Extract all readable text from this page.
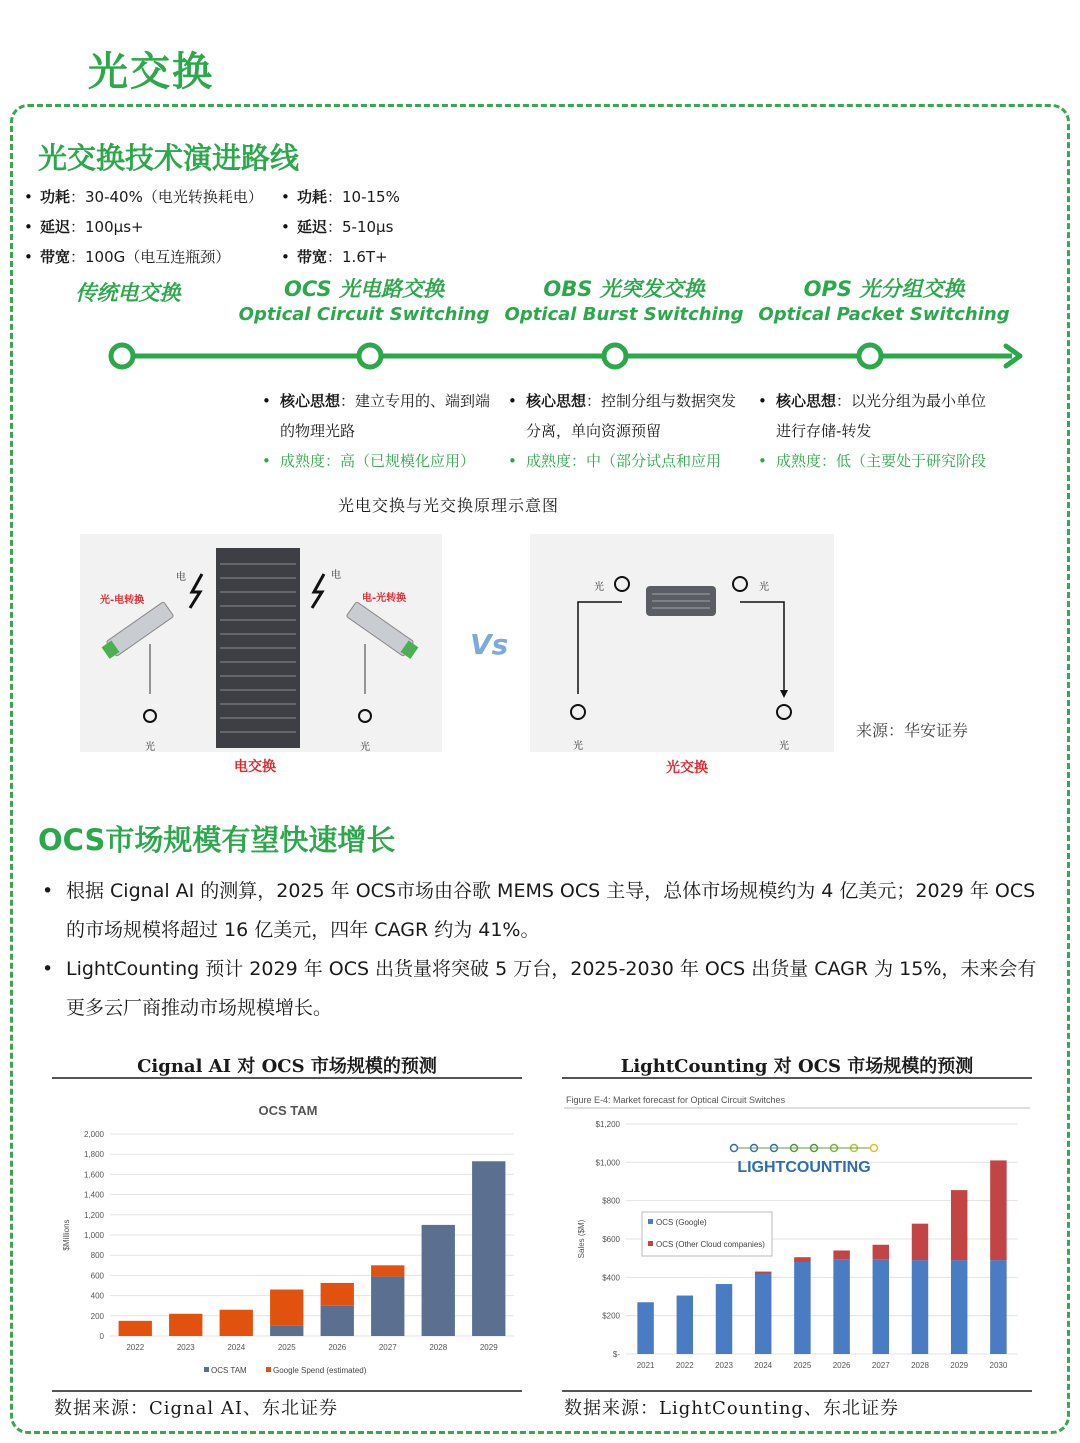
光交换
光交换技术演进路线
• 功耗：30-40%（电光转换耗电）
• 延迟：100μs+
• 带宽：100G（电互连瓶颈）
• 功耗：10-15%
• 延迟：5-10μs
• 带宽：1.6T+
传统电交换	OCS 光电路交换
Optical Circuit Switching
OBS 光突发交换
Optical Burst Switching
OPS 光分组交换
Optical Packet Switching
• 核心思想：建立专用的、端到端的物理光路
• 成熟度：高（已规模化应用）
• 核心思想：控制分组与数据突发分离，单向资源预留
• 成熟度：中（部分试点和应用
• 核心思想：以光分组为最小单位进行存储-转发
• 成熟度：低（主要处于研究阶段
光电交换与光交换原理示意图
光-电转换	电-光转换
电	电
光	光
电交换
Vs
光	光
光	光
光交换
来源：华安证券
OCS市场规模有望快速增长
• 根据 Cignal AI 的测算，2025 年 OCS市场由谷歌 MEMS OCS 主导，总体市场规模约为 4 亿美元；2029 年 OCS 的市场规模将超过 16 亿美元，四年 CAGR 约为 41%。
• LightCounting 预计 2029 年 OCS 出货量将突破 5 万台，2025-2030 年 OCS 出货量 CAGR 为 15%，未来会有更多云厂商推动市场规模增长。
Cignal AI 对 OCS 市场规模的预测
OCS TAM
0
200
400
600
800
1,000
1,200
1,400
1,600
1,800
2,000
$Millions
2022	2023	2024	2025	2026	2027	2028	2029
OCS TAM	Google Spend (estimated)
数据来源：Cignal AI、东北证券
LightCounting 对 OCS 市场规模的预测
Figure E-4: Market forecast for Optical Circuit Switches
$-
$200
$400
$600
$800
$1,000
$1,200
Sales ($M)
2021	2022	2023	2024	2025	2026	2027	2028	2029	2030
LIGHTCOUNTING
OCS (Google)
OCS (Other Cloud companies)
数据来源：LightCounting、东北证券
